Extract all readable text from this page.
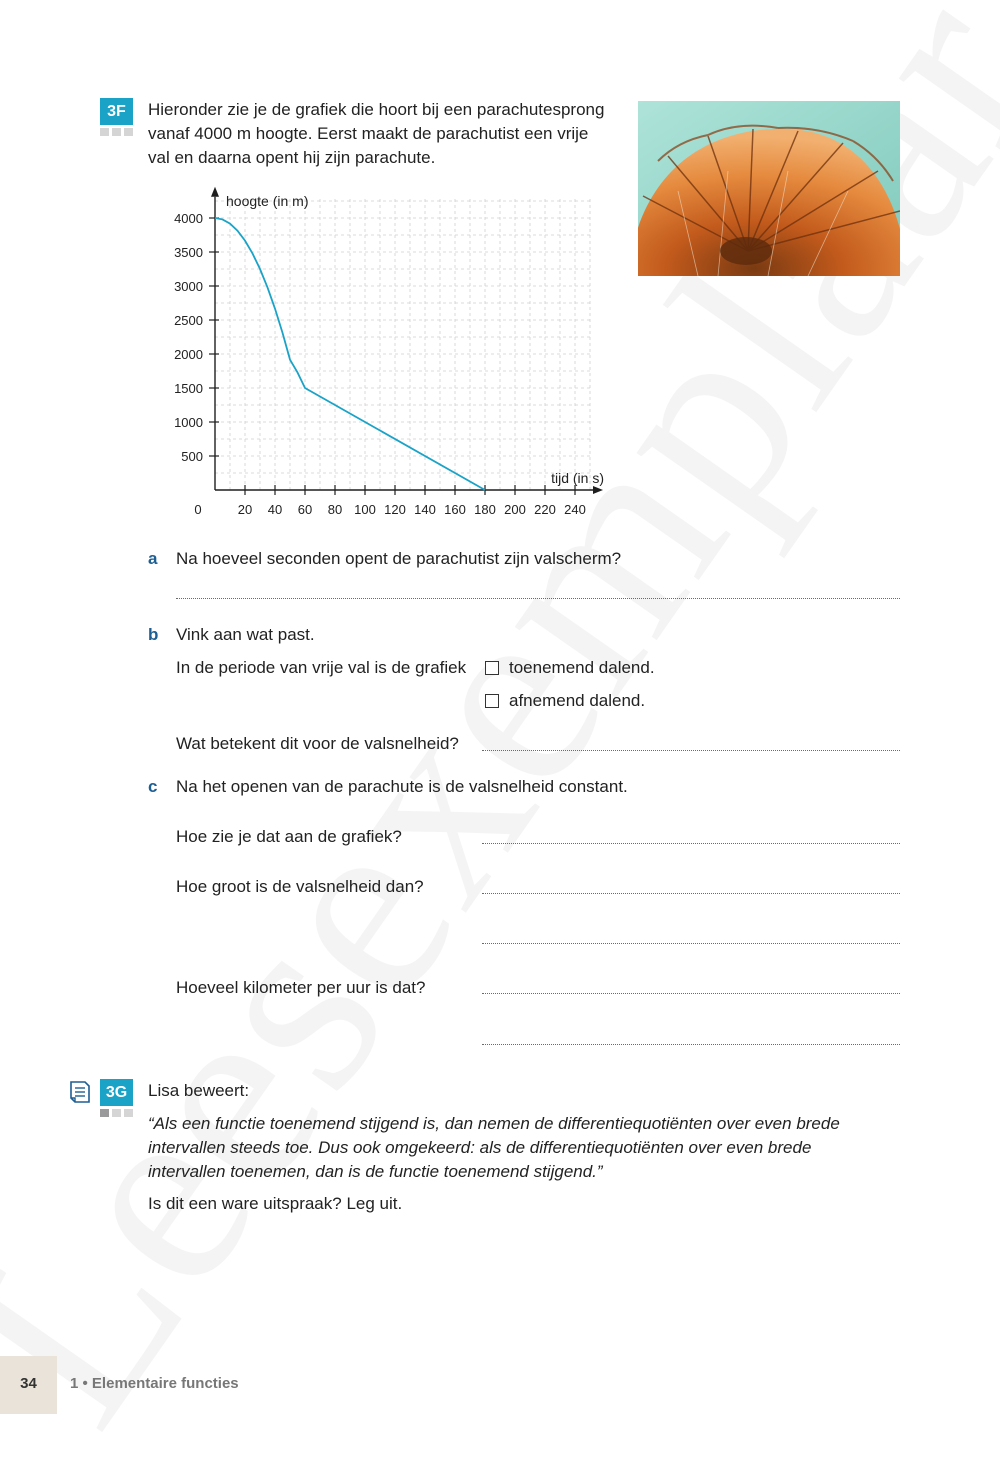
3F	Hieronder zie je de grafiek die hoort bij een parachutesprong
vanaf 4000 m hoogte. Eerst maakt de parachutist een vrije
val en daarna opent hij zijn parachute.
20 40 60 80 100 120 140 160 180 200 220 240
500
1000
1500
2000
2500
3000
3500
4000
hoogte (in m)
tijd (in s)
0
a Na hoeveel seconden opent de parachutist zijn valscherm?
b Vink aan wat past.
In de periode van vrije val is de grafiek	toenemend dalend.
afnemend dalend.
Wat betekent dit voor de valsnelheid?
c Na het openen van de parachute is de valsnelheid constant.
Hoe zie je dat aan de grafiek?
Hoe groot is de valsnelheid dan?
Hoeveel kilometer per uur is dat?
3G	Lisa beweert:
“Als een functie toenemend stijgend is, dan nemen de differentiequotiënten over even brede
intervallen steeds toe. Dus ook omgekeerd: als de differentiequotiënten over even brede
intervallen toenemen, dan is de functie toenemend stijgend.”
Is dit een ware uitspraak? Leg uit.
34	1 • Elementaire functies
